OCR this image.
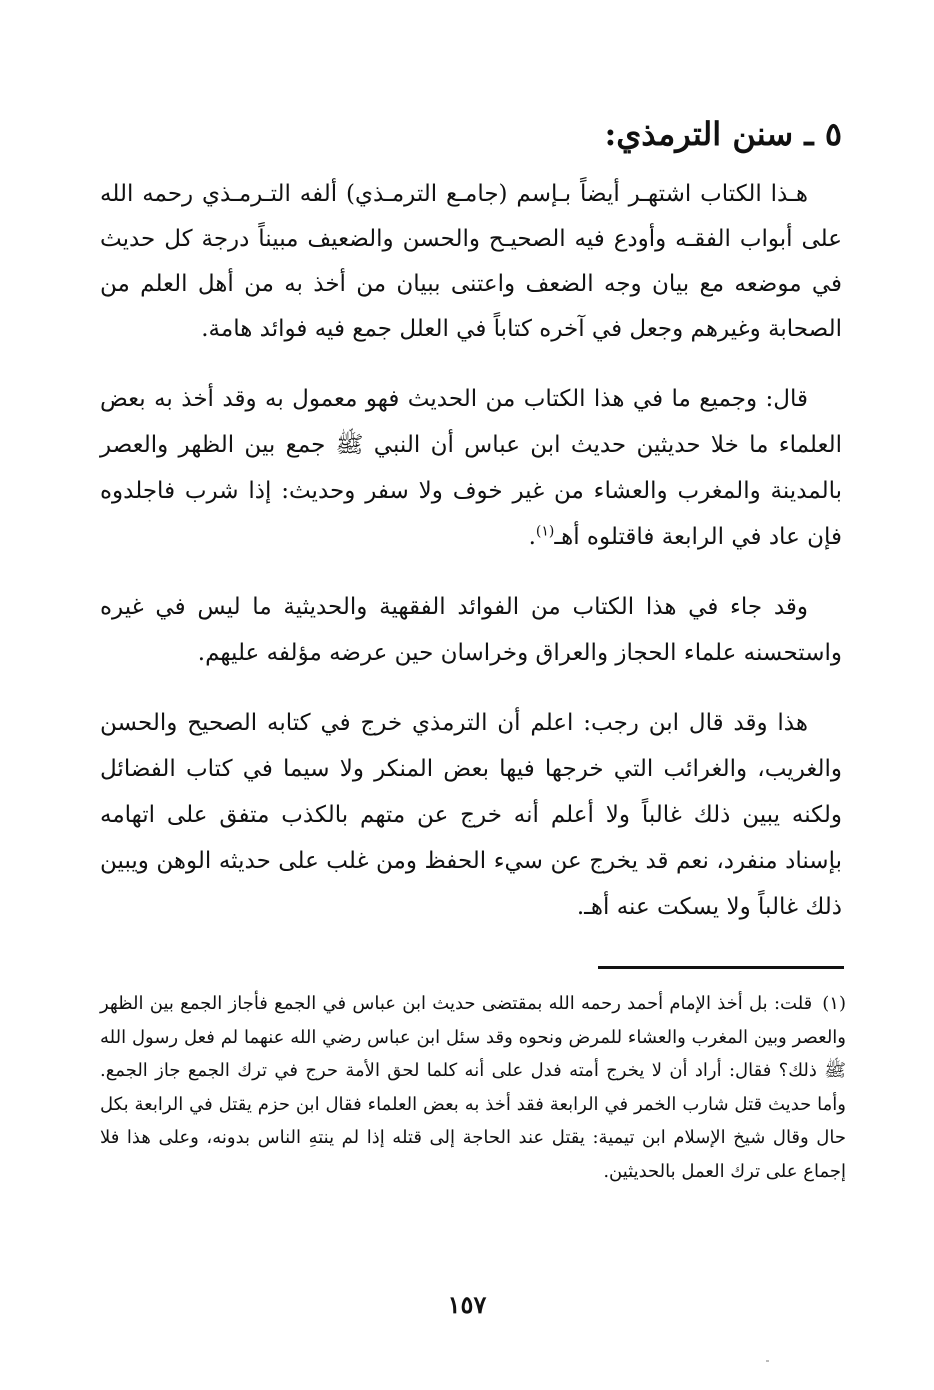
٥ ـ سنن الترمذي:

هـذا الكتاب اشتهـر أيضاً بـإسم (جامـع الترمـذي) ألفه التـرمـذي رحمه الله على أبواب الفقـه وأودع فيه الصحيـح والحسن والضعيف مبيناً درجة كل حديث في موضعه مع بيان وجه الضعف واعتنى ببيان من أخذ به من أهل العلم من الصحابة وغيرهم وجعل في آخره كتاباً في العلل جمع فيه فوائد هامة.

قال: وجميع ما في هذا الكتاب من الحديث فهو معمول به وقد أخذ به بعض العلماء ما خلا حديثين حديث ابن عباس أن النبي ﷺ جمع بين الظهر والعصر بالمدينة والمغرب والعشاء من غير خوف ولا سفر وحديث: إذا شرب فاجلدوه فإن عاد في الرابعة فاقتلوه أهـ$^{(١)}$.

وقد جاء في هذا الكتاب من الفوائد الفقهية والحديثية ما ليس في غيره واستحسنه علماء الحجاز والعراق وخراسان حين عرضه مؤلفه عليهم.

هذا وقد قال ابن رجب: اعلم أن الترمذي خرج في كتابه الصحيح والحسن والغريب، والغرائب التي خرجها فيها بعض المنكر ولا سيما في كتاب الفضائل ولكنه يبين ذلك غالباً ولا أعلم أنه خرج عن متهم بالكذب متفق على اتهامه بإسناد منفرد، نعم قد يخرج عن سيء الحفظ ومن غلب على حديثه الوهن ويبين ذلك غالباً ولا يسكت عنه أهـ.

(١)قلت: بل أخذ الإمام أحمد رحمه الله بمقتضى حديث ابن عباس في الجمع فأجاز الجمع بين الظهر والعصر وبين المغرب والعشاء للمرض ونحوه وقد سئل ابن عباس رضي الله عنهما لم فعل رسول الله ﷺ ذلك؟ فقال: أراد أن لا يخرج أمته فدل على أنه كلما لحق الأمة حرج في ترك الجمع جاز الجمع. وأما حديث قتل شارب الخمر في الرابعة فقد أخذ به بعض العلماء فقال ابن حزم يقتل في الرابعة بكل حال وقال شيخ الإسلام ابن تيمية: يقتل عند الحاجة إلى قتله إذا لم ينتهِ الناس بدونه، وعلى هذا فلا إجماع على ترك العمل بالحديثين.
١٥٧
